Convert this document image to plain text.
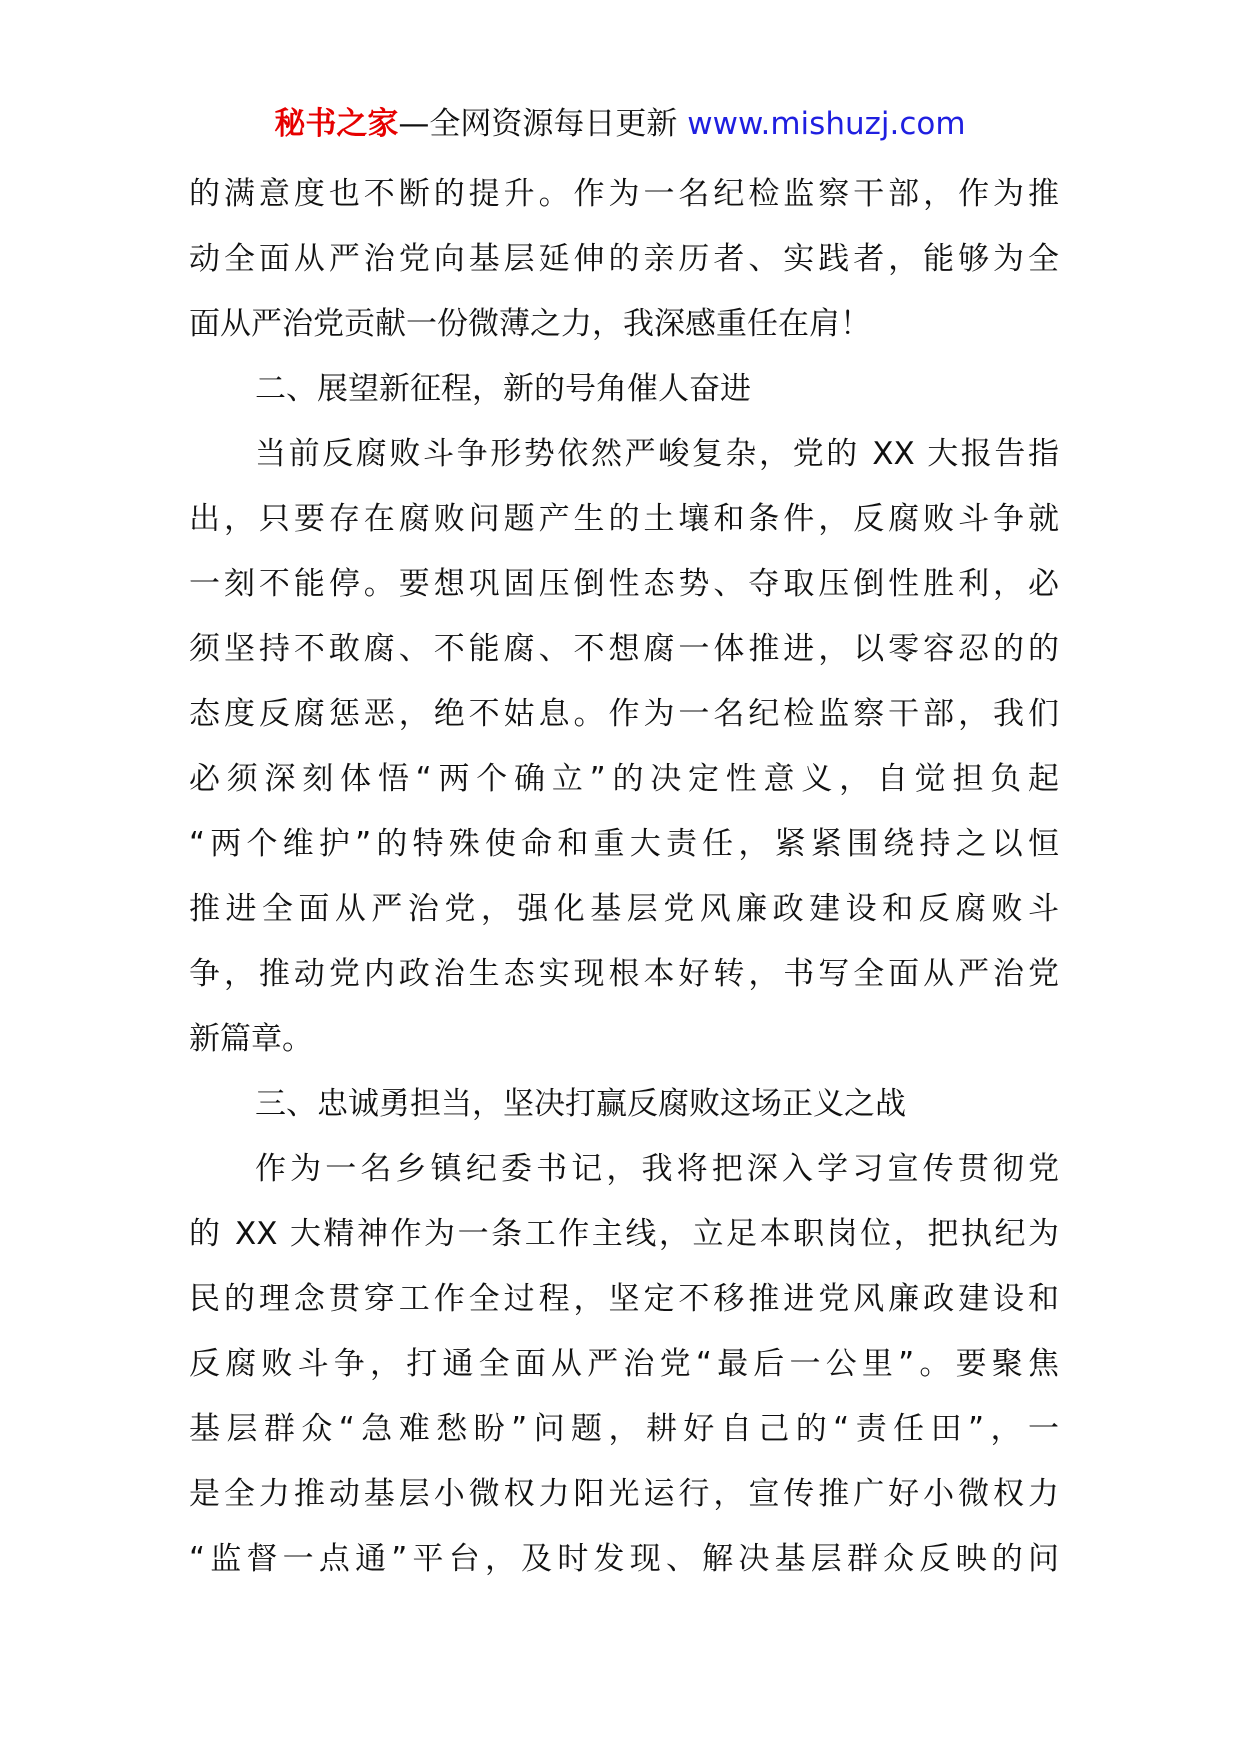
秘书之家—全网资源每日更新 www.mishuzj.com
的满意度也不断的提升。作为一名纪检监察干部，作为推
动全面从严治党向基层延伸的亲历者、实践者，能够为全
面从严治党贡献一份微薄之力，我深感重任在肩！
二、展望新征程，新的号角催人奋进
当前反腐败斗争形势依然严峻复杂，党的 XX 大报告指
出，只要存在腐败问题产生的土壤和条件，反腐败斗争就
一刻不能停。要想巩固压倒性态势、夺取压倒性胜利，必
须坚持不敢腐、不能腐、不想腐一体推进，以零容忍的的
态度反腐惩恶，绝不姑息。作为一名纪检监察干部，我们
必须深刻体悟“两个确立”的决定性意义，自觉担负起
“两个维护”的特殊使命和重大责任，紧紧围绕持之以恒
推进全面从严治党，强化基层党风廉政建设和反腐败斗
争，推动党内政治生态实现根本好转，书写全面从严治党
新篇章。
三、忠诚勇担当，坚决打赢反腐败这场正义之战
作为一名乡镇纪委书记，我将把深入学习宣传贯彻党
的 XX 大精神作为一条工作主线，立足本职岗位，把执纪为
民的理念贯穿工作全过程，坚定不移推进党风廉政建设和
反腐败斗争，打通全面从严治党“最后一公里”。要聚焦
基层群众“急难愁盼”问题，耕好自己的“责任田”，一
是全力推动基层小微权力阳光运行，宣传推广好小微权力
“监督一点通”平台，及时发现、解决基层群众反映的问
